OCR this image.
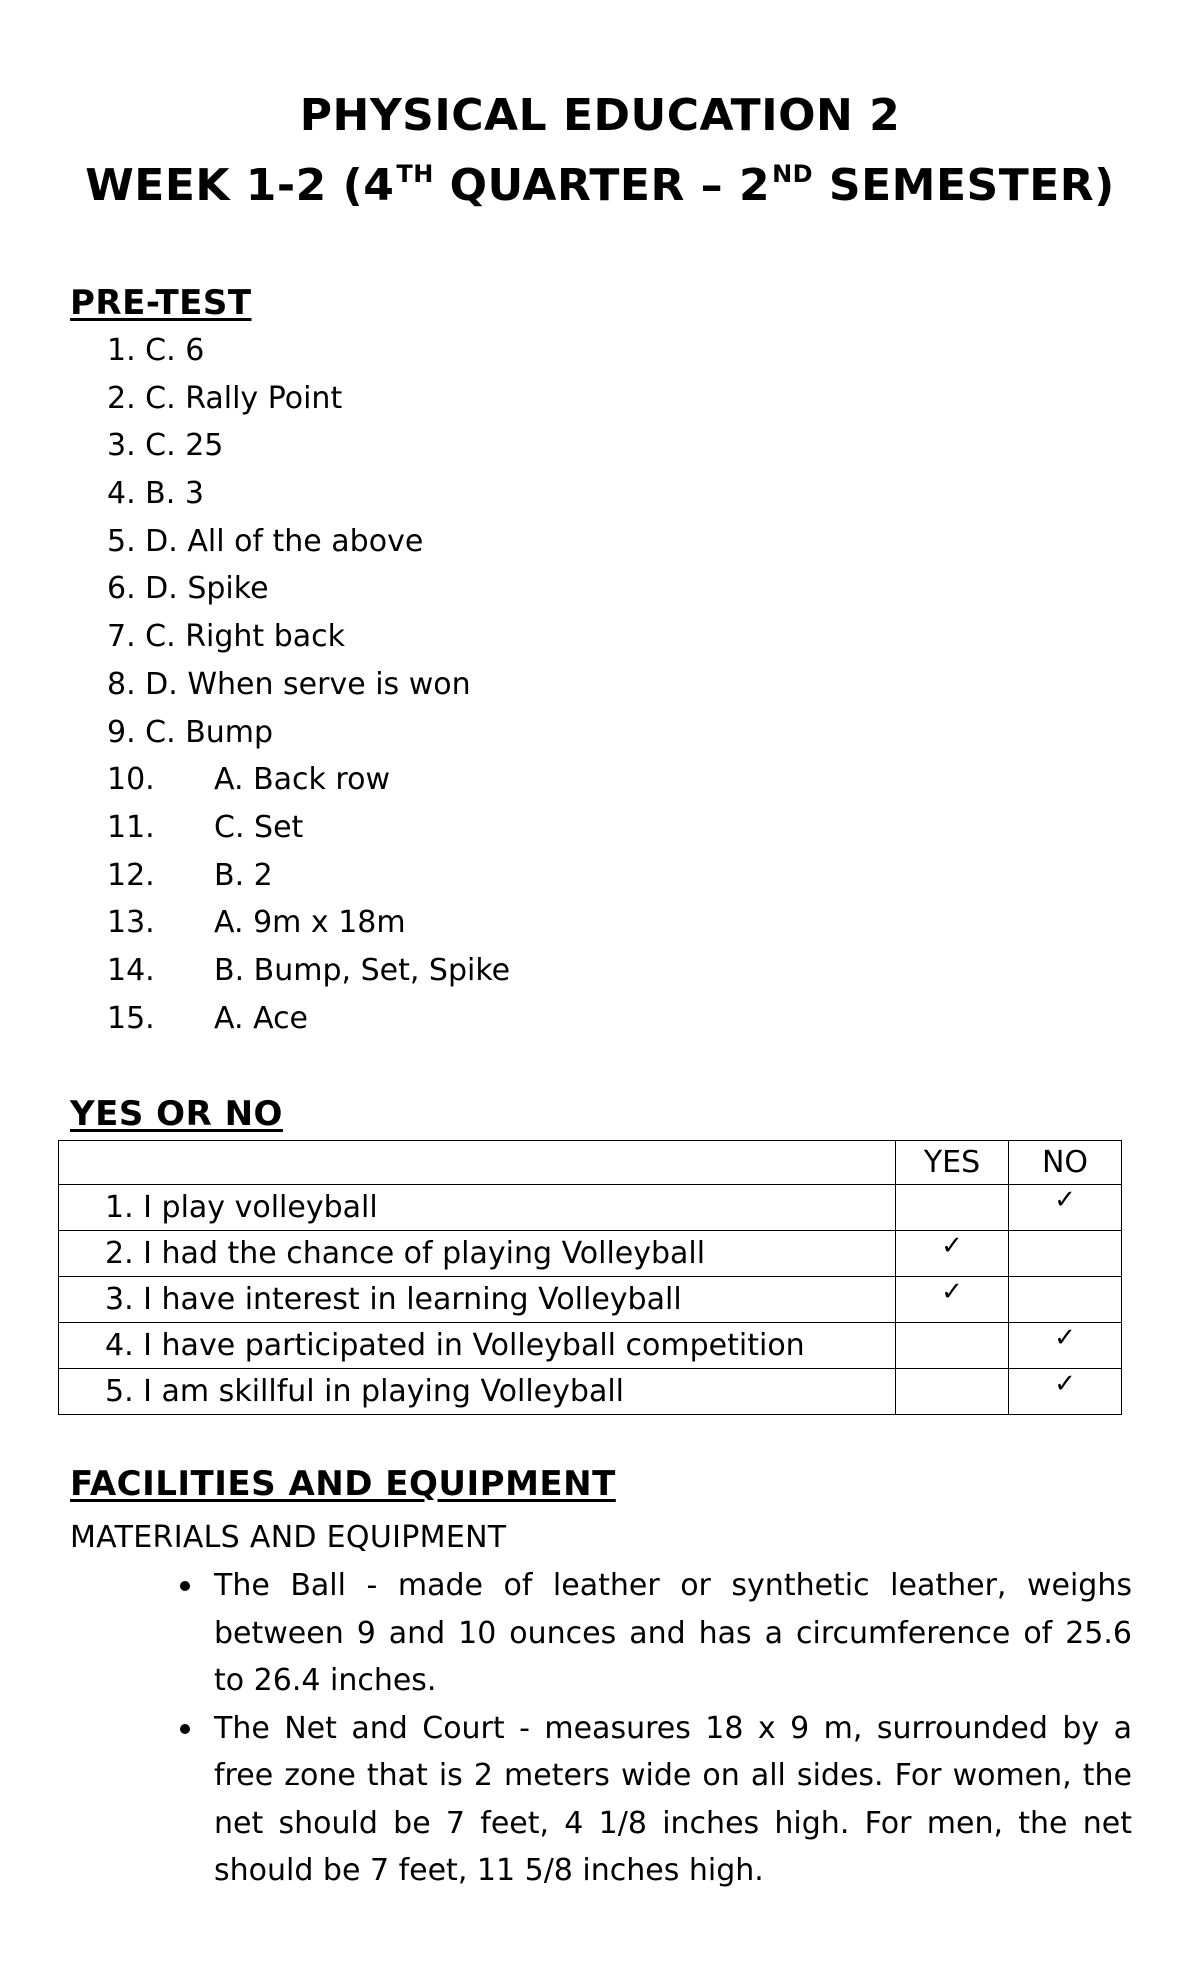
PHYSICAL EDUCATION 2
WEEK 1-2 (4TH QUARTER – 2ND SEMESTER)
PRE-TEST
1. C. 6
2. C. Rally Point
3. C. 25
4. B. 3
5. D. All of the above
6. D. Spike
7. C. Right back
8. D. When serve is won
9. C. Bump
10. A. Back row
11. C. Set
12. B. 2
13. A. 9m x 18m
14. B. Bump, Set, Spike
15. A. Ace
YES OR NO
	YES	NO
1. I play volleyball		✓
2. I had the chance of playing Volleyball	✓	
3. I have interest in learning Volleyball	✓	
4. I have participated in Volleyball competition		✓
5. I am skillful in playing Volleyball		✓
FACILITIES AND EQUIPMENT
MATERIALS AND EQUIPMENT
The Ball - made of leather or synthetic leather, weighs between 9 and 10 ounces and has a circumference of 25.6 to 26.4 inches.
The Net and Court - measures 18 x 9 m, surrounded by a free zone that is 2 meters wide on all sides. For women, the net should be 7 feet, 4 1/8 inches high. For men, the net should be 7 feet, 11 5/8 inches high.
